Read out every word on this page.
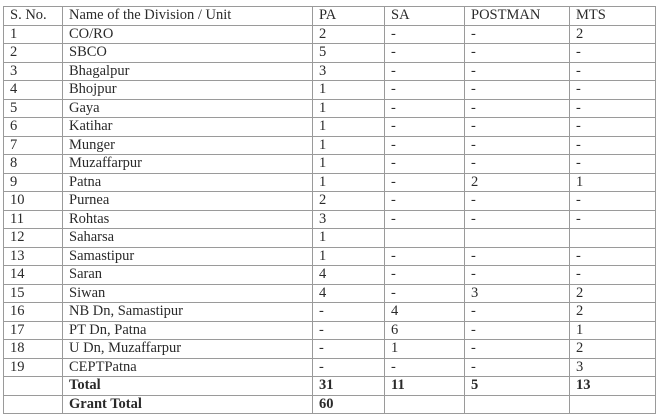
S. No.	Name of the Division / Unit	PA	SA	POSTMAN	MTS
1	CO/RO	2	-	-	2
2	SBCO	5	-	-	-
3	Bhagalpur	3	-	-	-
4	Bhojpur	1	-	-	-
5	Gaya	1	-	-	-
6	Katihar	1	-	-	-
7	Munger	1	-	-	-
8	Muzaffarpur	1	-	-	-
9	Patna	1	-	2	1
10	Purnea	2	-	-	-
11	Rohtas	3	-	-	-
12	Saharsa	1			
13	Samastipur	1	-	-	-
14	Saran	4	-	-	-
15	Siwan	4	-	3	2
16	NB Dn, Samastipur	-	4	-	2
17	PT Dn, Patna	-	6	-	1
18	U Dn, Muzaffarpur	-	1	-	2
19	CEPTPatna	-	-	-	3
	Total	31	11	5	13
	Grant Total	60			
